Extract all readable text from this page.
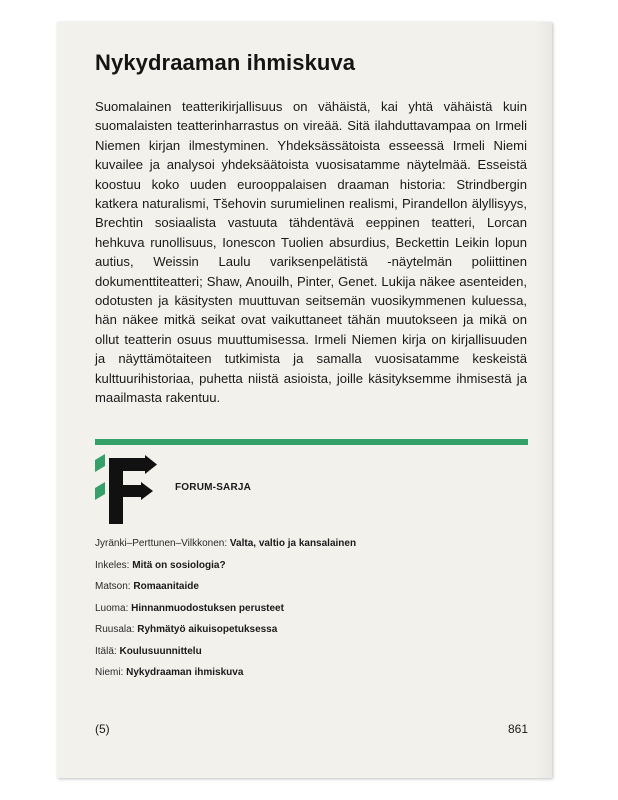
Nykydraaman ihmiskuva

Suomalainen teatterikirjallisuus on vähäistä, kai yhtä vähäistä kuin suomalaisten teatterinharrastus on vireää. Sitä ilahduttavampaa on Irmeli Niemen kirjan ilmestyminen. Yhdeksässätoista esseessä Irmeli Niemi kuvailee ja analysoi yhdeksäätoista vuosisatamme näytelmää. Esseistä koostuu koko uuden eurooppalaisen draaman historia: Strindbergin katkera naturalismi, Tšehovin surumielinen realismi, Pirandellon älyllisyys, Brechtin sosiaalista vastuuta tähdentävä eeppinen teatteri, Lorcan hehkuva runollisuus, Ionescon Tuolien absurdius, Beckettin Leikin lopun autius, Weissin Laulu variksenpelätistä -näytelmän poliittinen dokumenttiteatteri; Shaw, Anouilh, Pinter, Genet. Lukija näkee asenteiden, odotusten ja käsitysten muuttuvan seitsemän vuosikymmenen kuluessa, hän näkee mitkä seikat ovat vaikuttaneet tähän muutokseen ja mikä on ollut teatterin osuus muuttumisessa. Irmeli Niemen kirja on kirjallisuuden ja näyttämötaiteen tutkimista ja samalla vuosisatamme keskeistä kulttuurihistoriaa, puhetta niistä asioista, joille käsityksemme ihmisestä ja maailmasta rakentuu.

FORUM-SARJA
Jyränki–Perttunen–Vilkkonen: Valta, valtio ja kansalainen
Inkeles: Mitä on sosiologia?
Matson: Romaanitaide
Luoma: Hinnanmuodostuksen perusteet
Ruusala: Ryhmätyö aikuisopetuksessa
Itälä: Koulusuunnittelu
Niemi: Nykydraaman ihmiskuva
(5)	861
